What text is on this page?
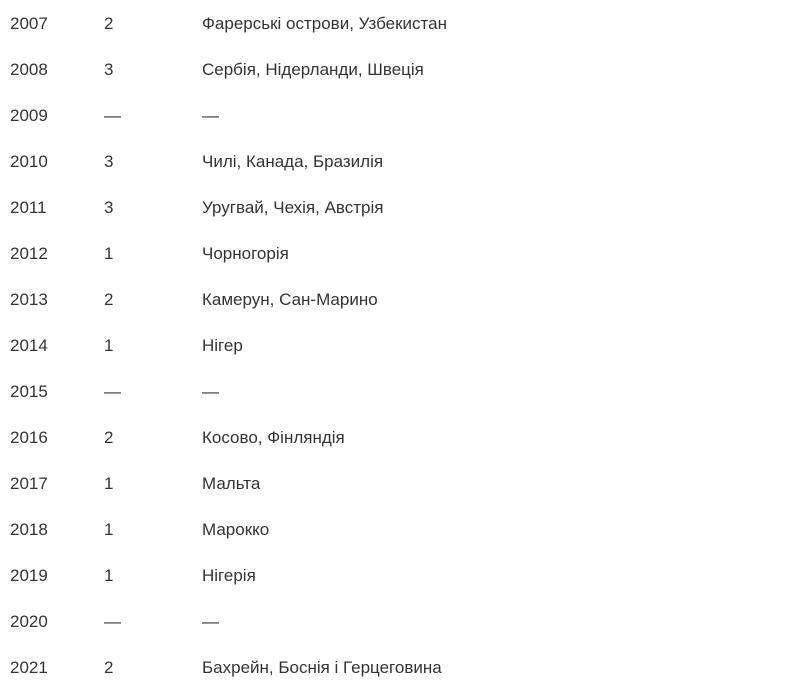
2007	2	Фарерські острови, Узбекистан
2008	3	Сербія, Нідерланди, Швеція
2009	—	—
2010	3	Чилі, Канада, Бразилія
2011	3	Уругвай, Чехія, Австрія
2012	1	Чорногорія
2013	2	Камерун, Сан-Марино
2014	1	Нігер
2015	—	—
2016	2	Косово, Фінляндія
2017	1	Мальта
2018	1	Марокко
2019	1	Нігерія
2020	—	—
2021	2	Бахрейн, Боснія і Герцеговина
